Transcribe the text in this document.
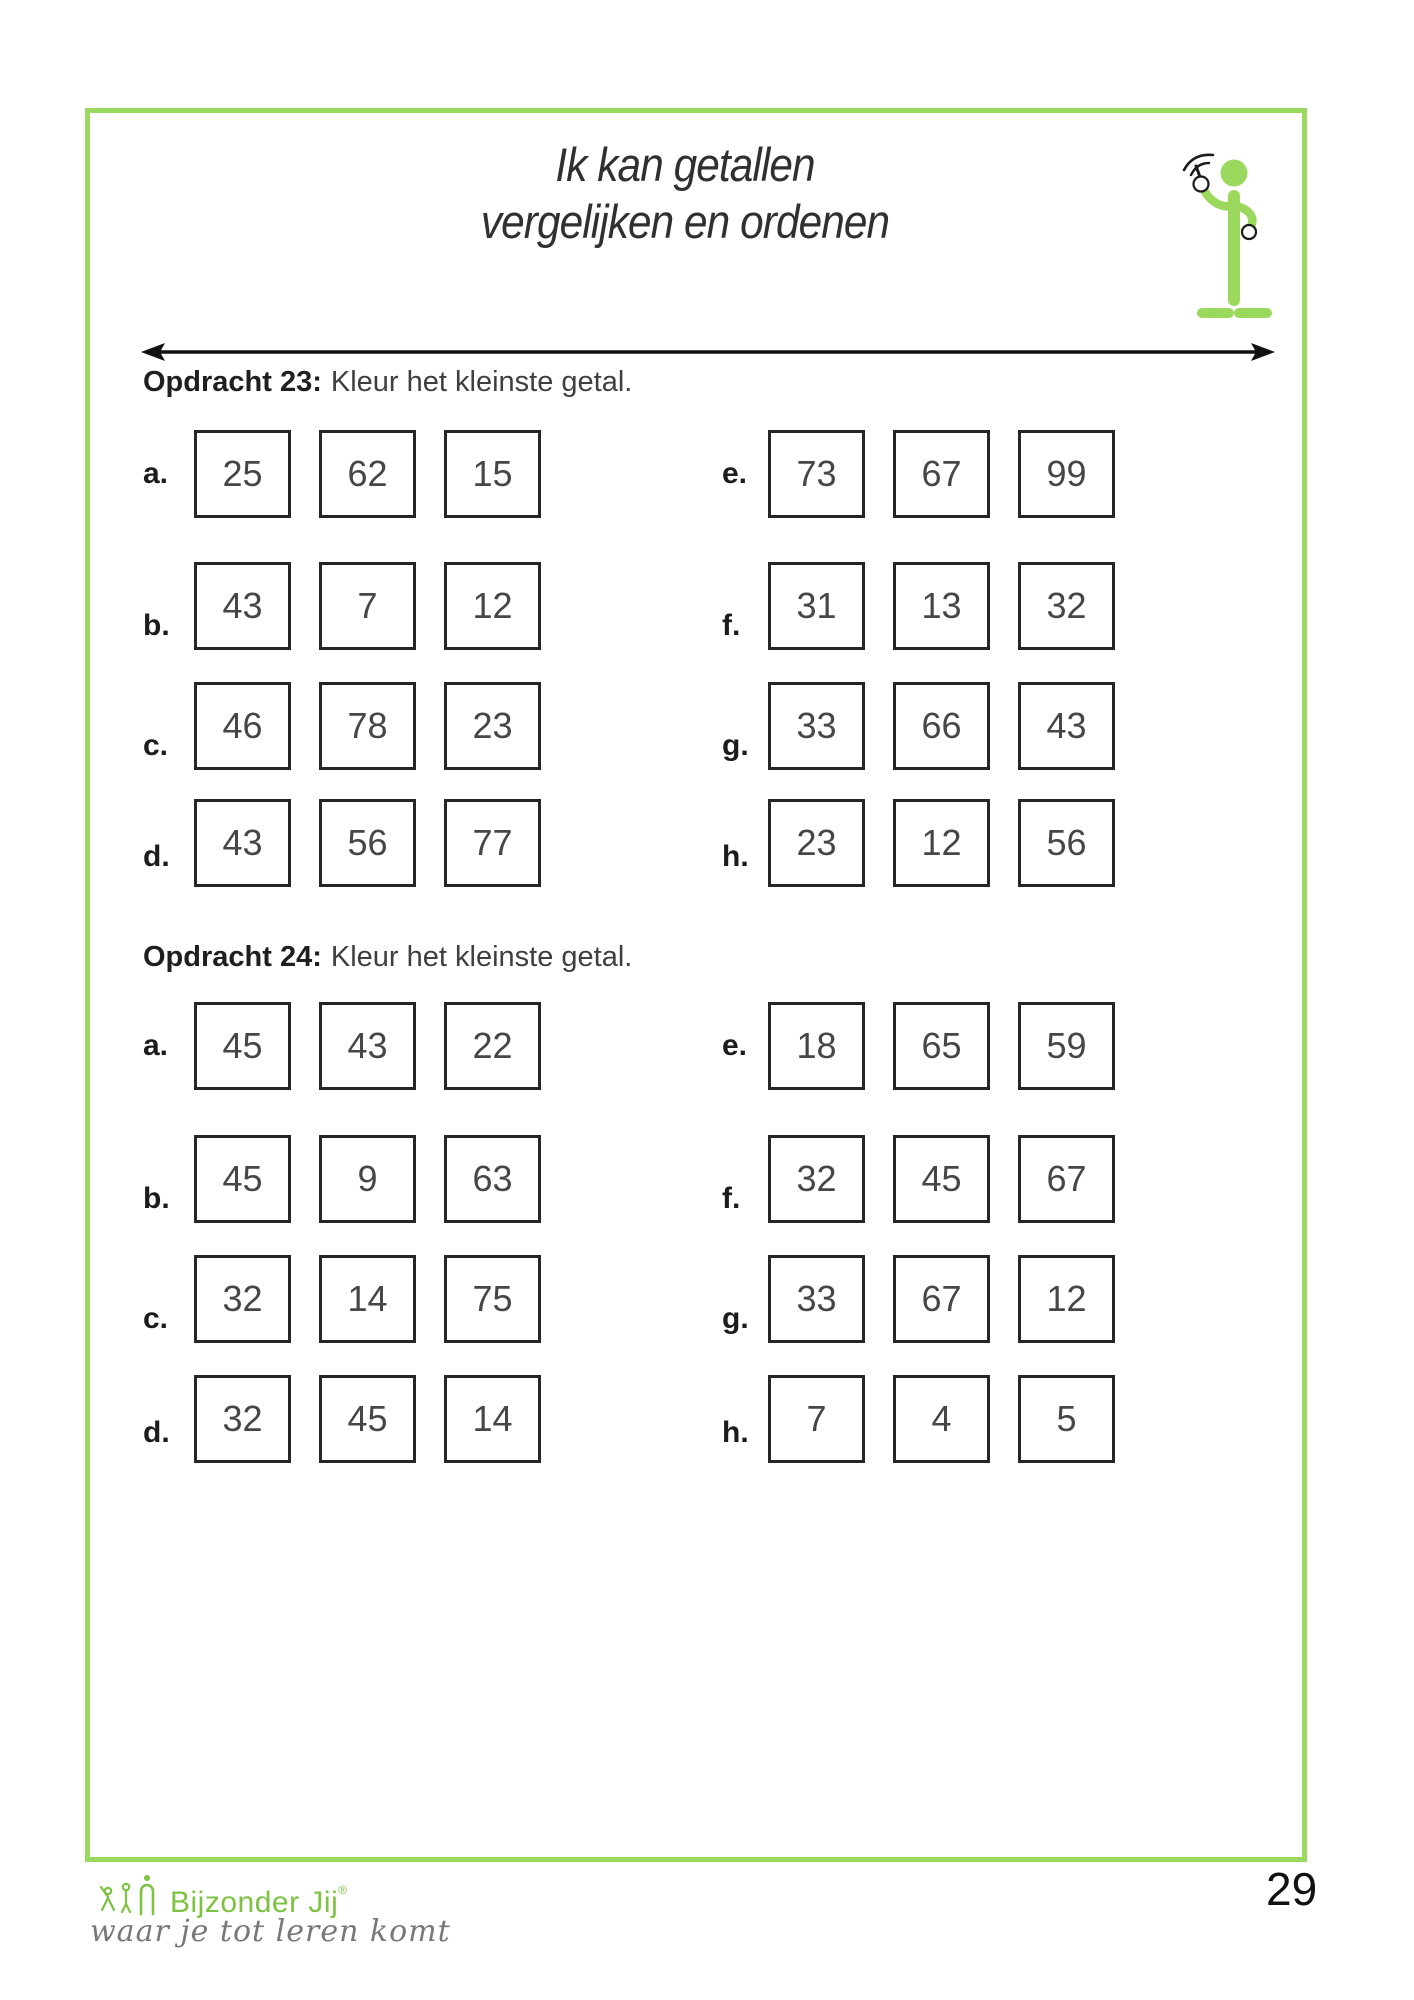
Ik kan getallen
vergelijken en ordenen
Opdracht 23: Kleur het kleinste getal.
a.	25	62	15	e.	73	67	99
b.	43	7	12	f.	31	13	32
c.	46	78	23	g.	33	66	43
d.	43	56	77	h.	23	12	56
Opdracht 24: Kleur het kleinste getal.
a.	45	43	22	e.	18	65	59
b.	45	9	63	f.	32	45	67
c.	32	14	75	g.	33	67	12
d.	32	45	14	h.	7	4	5
Bijzonder Jij®
waar je tot leren komt
29
